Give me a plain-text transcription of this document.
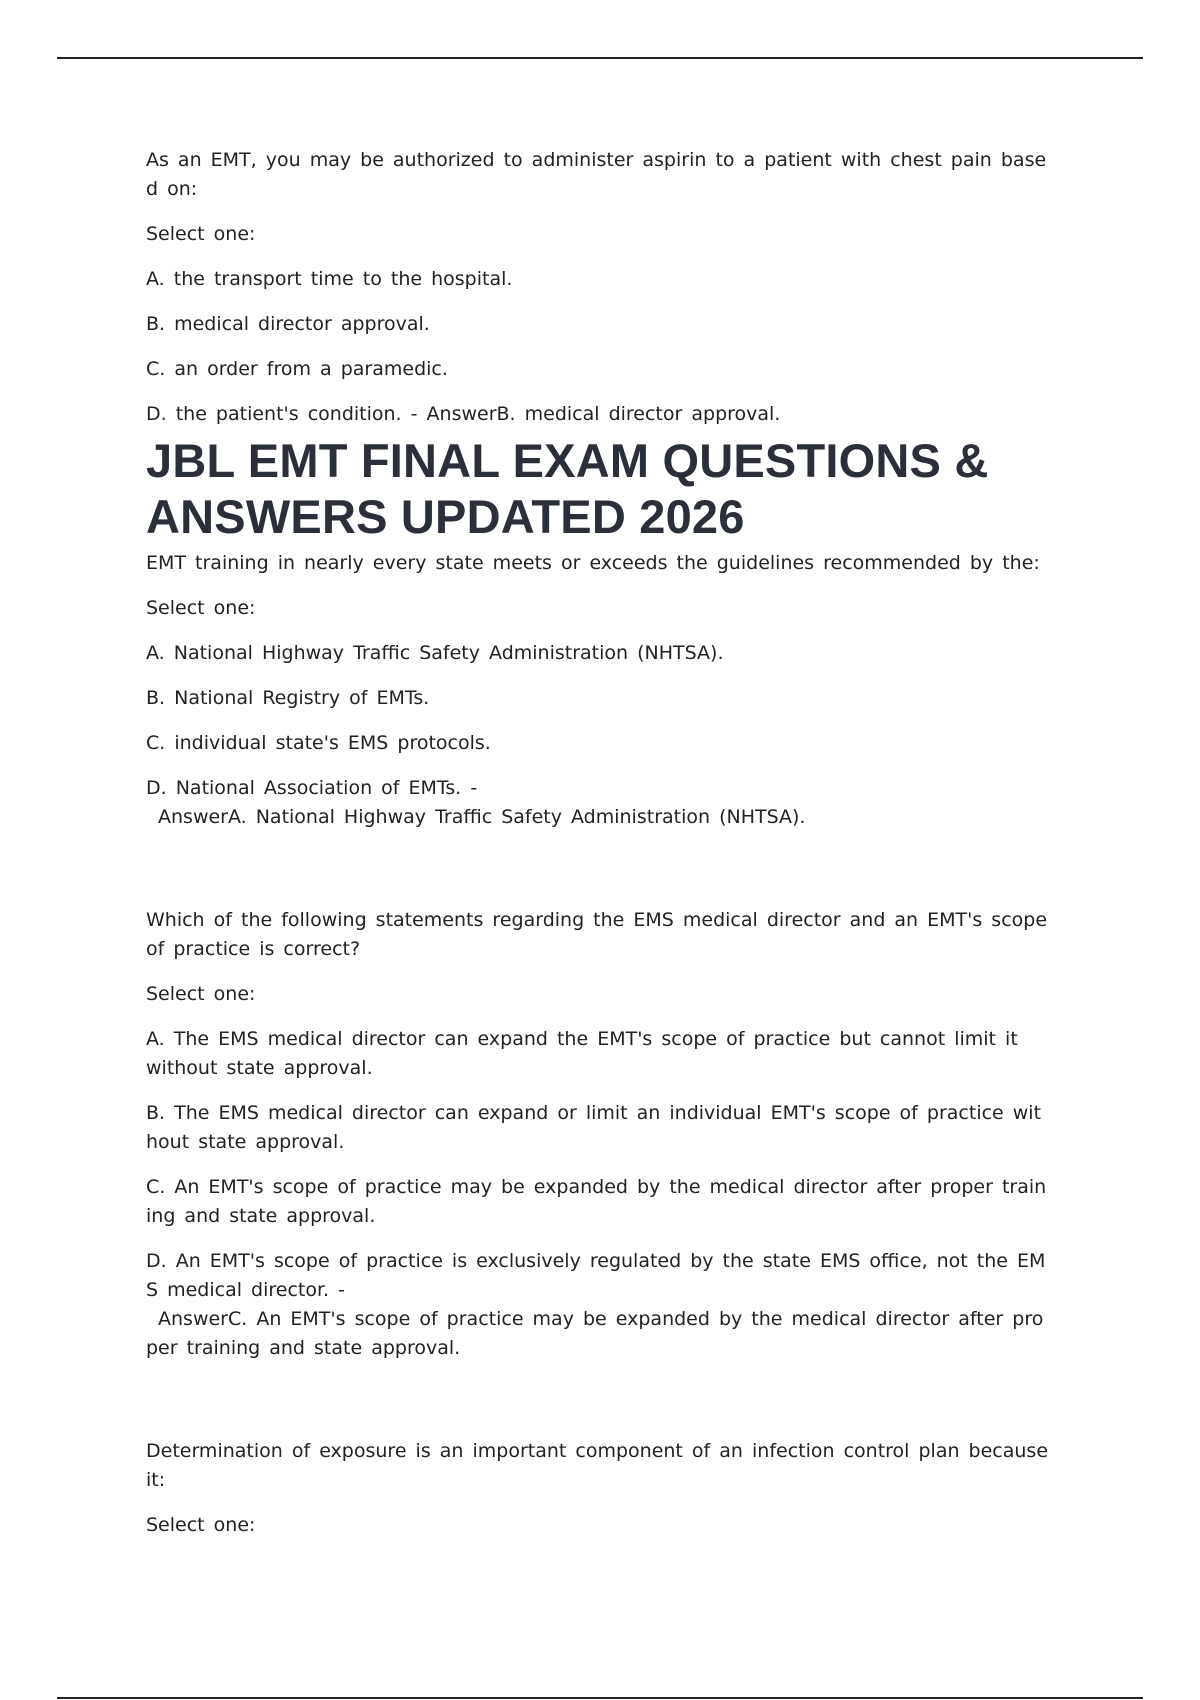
As an EMT, you may be authorized to administer aspirin to a patient with chest pain base
d on:

Select one:

A. the transport time to the hospital.

B. medical director approval.

C. an order from a paramedic.

D. the patient's condition. - AnswerB. medical director approval.

JBL EMT FINAL EXAM QUESTIONS & ANSWERS UPDATED 2026

EMT training in nearly every state meets or exceeds the guidelines recommended by the:

Select one:

A. National Highway Traffic Safety Administration (NHTSA).

B. National Registry of EMTs.

C. individual state's EMS protocols.

D. National Association of EMTs. -

AnswerA. National Highway Traffic Safety Administration (NHTSA).

Which of the following statements regarding the EMS medical director and an EMT's scope
of practice is correct?

Select one:

A. The EMS medical director can expand the EMT's scope of practice but cannot limit it
without state approval.

B. The EMS medical director can expand or limit an individual EMT's scope of practice wit
hout state approval.

C. An EMT's scope of practice may be expanded by the medical director after proper train
ing and state approval.

D. An EMT's scope of practice is exclusively regulated by the state EMS office, not the EM
S medical director. -

AnswerC. An EMT's scope of practice may be expanded by the medical director after pro
per training and state approval.

Determination of exposure is an important component of an infection control plan because
it:

Select one:
